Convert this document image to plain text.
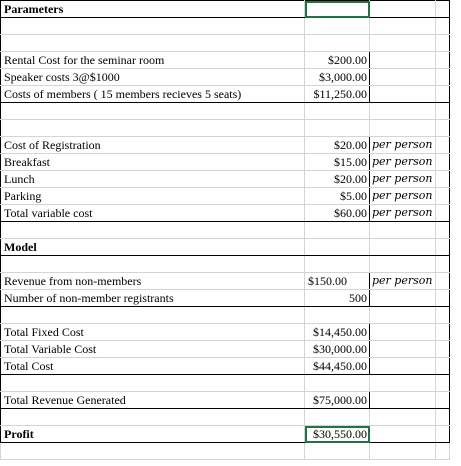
Parameters			

Rental Cost for the seminar room	$200.00		
Speaker costs 3@$1000	$3,000.00		
Costs of members ( 15 members recieves 5 seats)	$11,250.00		

Cost of Registration	$20.00	per person	
Breakfast	$15.00	per person	
Lunch	$20.00	per person	
Parking	$5.00	per person	
Total variable cost	$60.00	per person	

Model			

Revenue from non-members	$150.00	per person	
Number of non-member registrants	500		

Total Fixed Cost	$14,450.00		
Total Variable Cost	$30,000.00		
Total Cost	$44,450.00		

Total Revenue Generated	$75,000.00		

Profit	$30,550.00		
